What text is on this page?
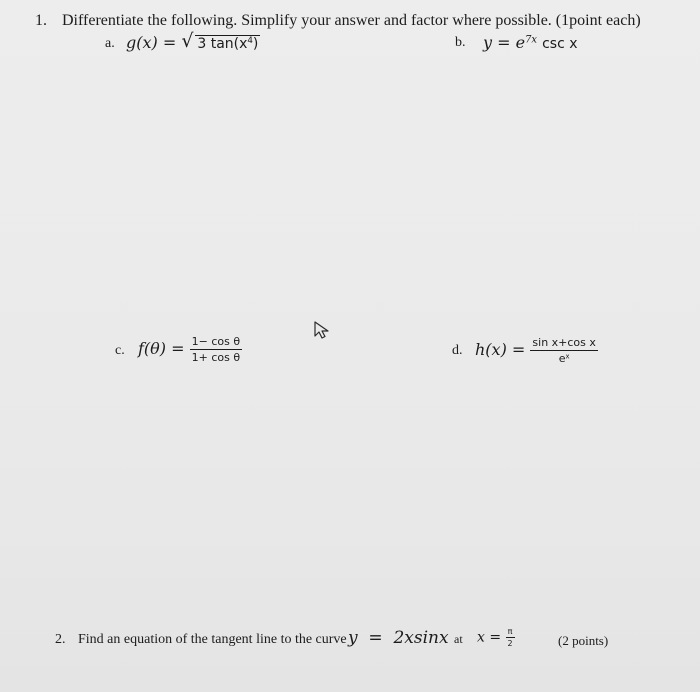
1. Differentiate the following. Simplify your answer and factor where possible. (1point each)
a. g(x) = √ 3 $\tan(x^4)$	b. $y = e^{7x}$ csc x
c. $f(\theta) = \frac{\text{1− cos θ}}{\text{1+ cos θ}}$	d. $h(x) = \frac{\text{sin x+cos x}}{e^x}$
2. Find an equation of the tangent line to the curve y  =  2xsinx at $x = \frac{\pi}{2}$	(2 points)
